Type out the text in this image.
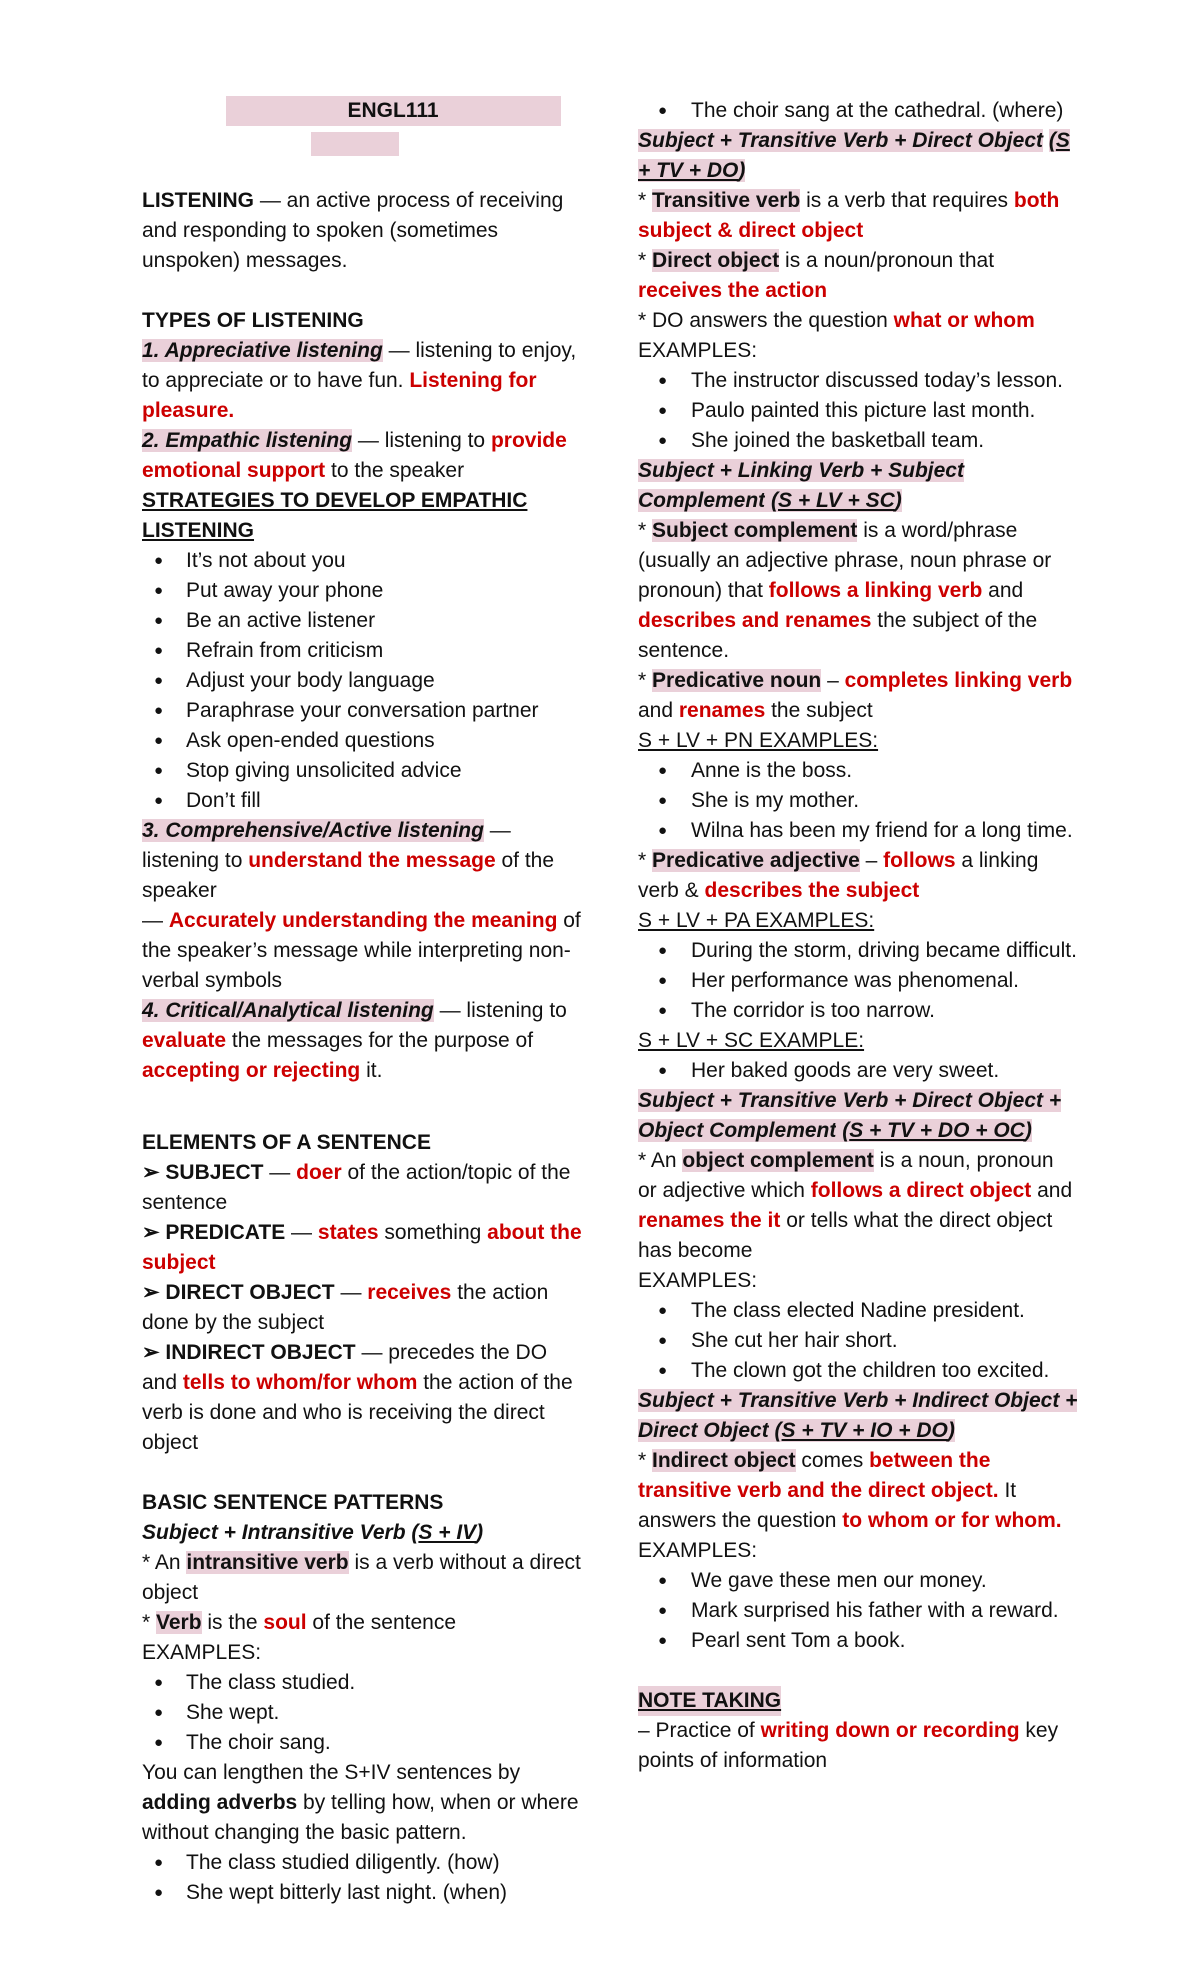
ENGL111
LISTENING — an active process of receiving and responding to spoken (sometimes unspoken) messages.
TYPES OF LISTENING
1. Appreciative listening — listening to enjoy, to appreciate or to have fun. Listening for pleasure.
2. Empathic listening — listening to provide emotional support to the speaker
STRATEGIES TO DEVELOP EMPATHIC LISTENING
● It’s not about you
● Put away your phone
● Be an active listener
● Refrain from criticism
● Adjust your body language
● Paraphrase your conversation partner
● Ask open-ended questions
● Stop giving unsolicited advice
● Don’t fill
3. Comprehensive/Active listening — listening to understand the message of the speaker
— Accurately understanding the meaning of the speaker’s message while interpreting non-verbal symbols
4. Critical/Analytical listening — listening to evaluate the messages for the purpose of accepting or rejecting it.
ELEMENTS OF A SENTENCE
➢ SUBJECT — doer of the action/topic of the sentence
➢ PREDICATE — states something about the subject
➢ DIRECT OBJECT — receives the action done by the subject
➢ INDIRECT OBJECT — precedes the DO and tells to whom/for whom the action of the verb is done and who is receiving the direct object
BASIC SENTENCE PATTERNS
Subject + Intransitive Verb (S + IV)
* An intransitive verb is a verb without a direct object
* Verb is the soul of the sentence
EXAMPLES:
● The class studied.
● She wept.
● The choir sang.
You can lengthen the S+IV sentences by adding adverbs by telling how, when or where without changing the basic pattern.
● The class studied diligently. (how)
● She wept bitterly last night. (when)
● The choir sang at the cathedral. (where)
Subject + Transitive Verb + Direct Object (S + TV + DO)
* Transitive verb is a verb that requires both subject & direct object
* Direct object is a noun/pronoun that receives the action
* DO answers the question what or whom
EXAMPLES:
● The instructor discussed today’s lesson.
● Paulo painted this picture last month.
● She joined the basketball team.
Subject + Linking Verb + Subject Complement (S + LV + SC)
* Subject complement is a word/phrase (usually an adjective phrase, noun phrase or pronoun) that follows a linking verb and describes and renames the subject of the sentence.
* Predicative noun – completes linking verb and renames the subject
S + LV + PN EXAMPLES:
● Anne is the boss.
● She is my mother.
● Wilna has been my friend for a long time.
* Predicative adjective – follows a linking verb & describes the subject
S + LV + PA EXAMPLES:
● During the storm, driving became difficult.
● Her performance was phenomenal.
● The corridor is too narrow.
S + LV + SC EXAMPLE:
● Her baked goods are very sweet.
Subject + Transitive Verb + Direct Object + Object Complement (S + TV + DO + OC)
* An object complement is a noun, pronoun or adjective which follows a direct object and renames the it or tells what the direct object has become
EXAMPLES:
● The class elected Nadine president.
● She cut her hair short.
● The clown got the children too excited.
Subject + Transitive Verb + Indirect Object + Direct Object (S + TV + IO + DO)
* Indirect object comes between the transitive verb and the direct object. It answers the question to whom or for whom.
EXAMPLES:
● We gave these men our money.
● Mark surprised his father with a reward.
● Pearl sent Tom a book.
NOTE TAKING
– Practice of writing down or recording key points of information
